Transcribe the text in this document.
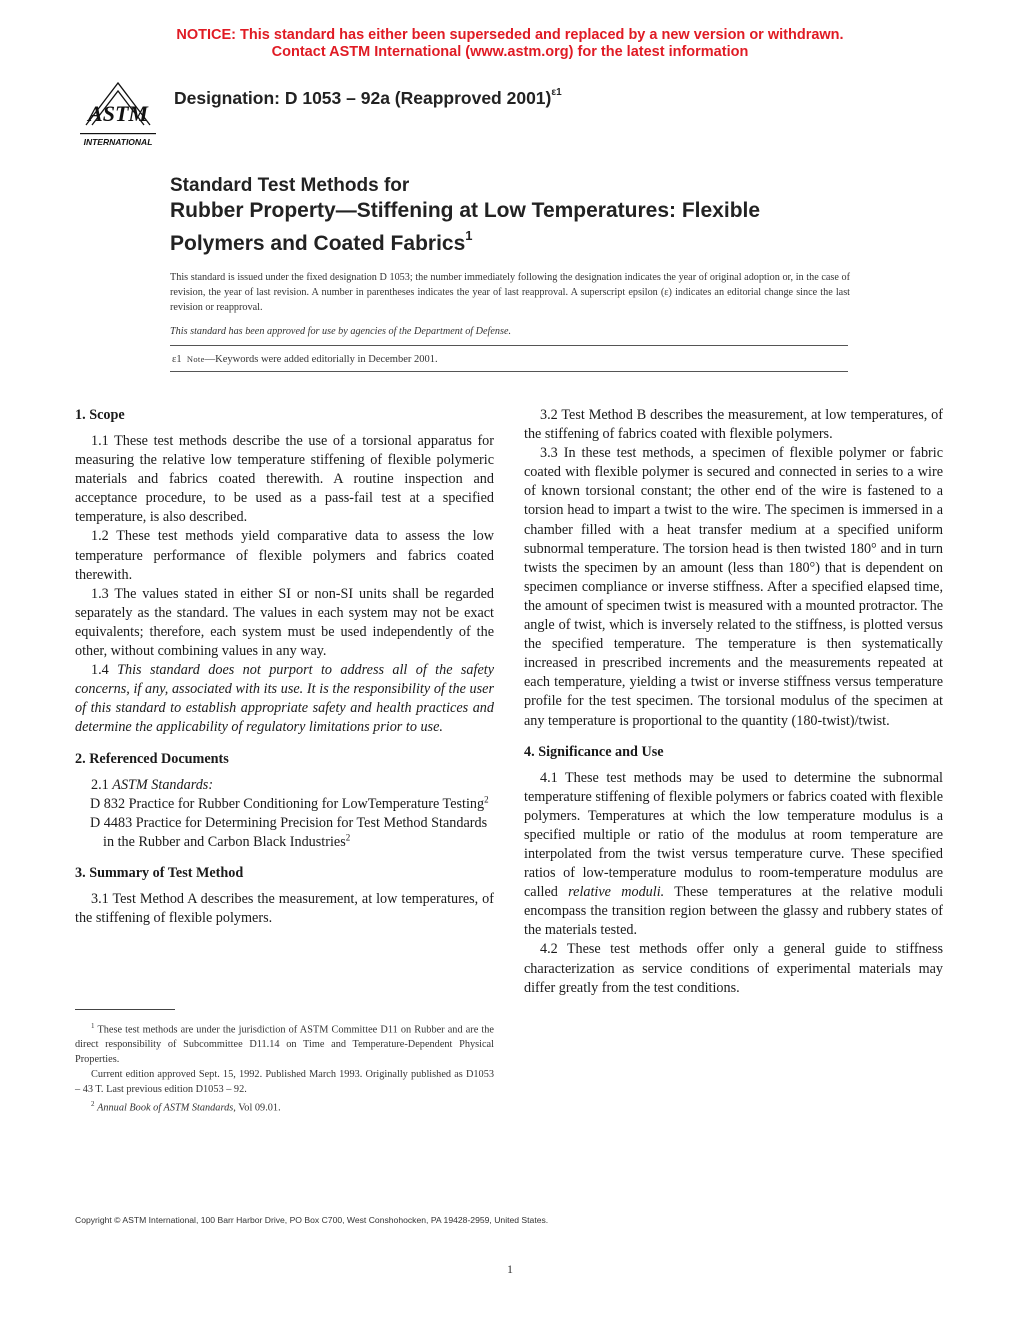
NOTICE: This standard has either been superseded and replaced by a new version or withdrawn.
Contact ASTM International (www.astm.org) for the latest information
ASTM
INTERNATIONAL
Designation: D 1053 – 92a (Reapproved 2001)$^{\varepsilon 1}$
Standard Test Methods for
Rubber Property—Stiffening at Low Temperatures: Flexible
Polymers and Coated Fabrics$^1$
This standard is issued under the fixed designation D 1053; the number immediately following the designation indicates the year of original adoption or, in the case of revision, the year of last revision. A number in parentheses indicates the year of last reapproval. A superscript epsilon (ε) indicates an editorial change since the last revision or reapproval.
This standard has been approved for use by agencies of the Department of Defense.
ε1 Note—Keywords were added editorially in December 2001.
1. Scope

1.1 These test methods describe the use of a torsional apparatus for measuring the relative low temperature stiffening of flexible polymeric materials and fabrics coated therewith. A routine inspection and acceptance procedure, to be used as a pass-fail test at a specified temperature, is also described.

1.2 These test methods yield comparative data to assess the low temperature performance of flexible polymers and fabrics coated therewith.

1.3 The values stated in either SI or non-SI units shall be regarded separately as the standard. The values in each system may not be exact equivalents; therefore, each system must be used independently of the other, without combining values in any way.

1.4 This standard does not purport to address all of the safety concerns, if any, associated with its use. It is the responsibility of the user of this standard to establish appropriate safety and health practices and determine the applicability of regulatory limitations prior to use.

2. Referenced Documents

2.1 ASTM Standards:

D 832 Practice for Rubber Conditioning for LowTemperature Testing$^2$

D 4483 Practice for Determining Precision for Test Method Standards in the Rubber and Carbon Black Industries$^2$

3. Summary of Test Method

3.1 Test Method A describes the measurement, at low temperatures, of the stiffening of flexible polymers.

3.2 Test Method B describes the measurement, at low temperatures, of the stiffening of fabrics coated with flexible polymers.

3.3 In these test methods, a specimen of flexible polymer or fabric coated with flexible polymer is secured and connected in series to a wire of known torsional constant; the other end of the wire is fastened to a torsion head to impart a twist to the wire. The specimen is immersed in a chamber filled with a heat transfer medium at a specified uniform subnormal temperature. The torsion head is then twisted 180° and in turn twists the specimen by an amount (less than 180°) that is dependent on specimen compliance or inverse stiffness. After a specified elapsed time, the amount of specimen twist is measured with a mounted protractor. The angle of twist, which is inversely related to the stiffness, is plotted versus the specified temperature. The temperature is then systematically increased in prescribed increments and the measurements repeated at each temperature, yielding a twist or inverse stiffness versus temperature profile for the test specimen. The torsional modulus of the specimen at any temperature is proportional to the quantity (180-twist)/twist.

4. Significance and Use

4.1 These test methods may be used to determine the subnormal temperature stiffening of flexible polymers or fabrics coated with flexible polymers. Temperatures at which the low temperature modulus is a specified multiple or ratio of the modulus at room temperature are interpolated from the twist versus temperature curve. These specified ratios of low-temperature modulus to room-temperature modulus are called relative moduli. These temperatures at the relative moduli encompass the transition region between the glassy and rubbery states of the materials tested.

4.2 These test methods offer only a general guide to stiffness characterization as service conditions of experimental materials may differ greatly from the test conditions.

$^1$ These test methods are under the jurisdiction of ASTM Committee D11 on Rubber and are the direct responsibility of Subcommittee D11.14 on Time and Temperature-Dependent Physical Properties.

Current edition approved Sept. 15, 1992. Published March 1993. Originally published as D1053 – 43 T. Last previous edition D1053 – 92.

$^2$ Annual Book of ASTM Standards, Vol 09.01.

Copyright © ASTM International, 100 Barr Harbor Drive, PO Box C700, West Conshohocken, PA 19428-2959, United States.
1
